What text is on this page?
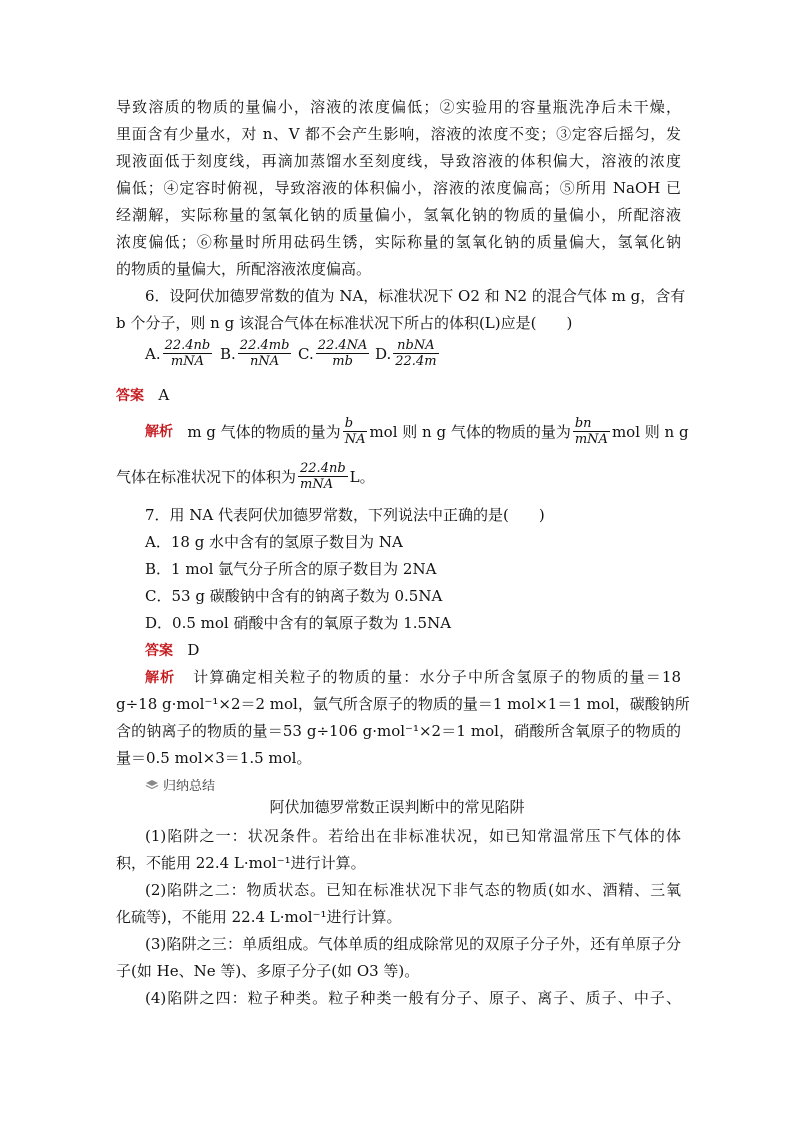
导致溶质的物质的量偏小，溶液的浓度偏低；②实验用的容量瓶洗净后未干燥，
里面含有少量水，对 n、V 都不会产生影响，溶液的浓度不变；③定容后摇匀，发
现液面低于刻度线，再滴加蒸馏水至刻度线，导致溶液的体积偏大，溶液的浓度
偏低；④定容时俯视，导致溶液的体积偏小，溶液的浓度偏高；⑤所用 NaOH 已
经潮解，实际称量的氢氧化钠的质量偏小，氢氧化钠的物质的量偏小，所配溶液
浓度偏低；⑥称量时所用砝码生锈，实际称量的氢氧化钠的质量偏大，氢氧化钠
的物质的量偏大，所配溶液浓度偏高。
6．设阿伏加德罗常数的值为 NA，标准状况下 O2 和 N2 的混合气体 m g，含有
b 个分子，则 n g 该混合气体在标准状况下所占的体积(L)应是(　　)
A. $\frac{22.4nb}{\text{mNA}} B$. $\frac{22.4mb}{\text{nNA}} C$. $\frac{22.4NA}{mb} D$. $\frac{\text{nbNA}}{22.4m}$
答案 A
解析
m g 气体的物质的量为 $\frac{b}{NA}$ mol 则 n g 气体的物质的量为 $\frac{bn}{\text{mNA}}$ mol 则 n g
气体在标准状况下的体积为 $\frac{22.4nb}{\text{mNA}}$ L。
7．用 NA 代表阿伏加德罗常数，下列说法中正确的是(　　)
A．18 g 水中含有的氢原子数目为 NA
B．1 mol 氩气分子所含的原子数目为 2NA
C．53 g 碳酸钠中含有的钠离子数为 0.5NA
D．0.5 mol 硝酸中含有的氧原子数为 1.5NA
答案 D
解析 计算确定相关粒子的物质的量：水分子中所含氢原子的物质的量＝18
g÷18 g·mol⁻¹×2＝2 mol，氩气所含原子的物质的量＝1 mol×1＝1 mol，碳酸钠所
含的钠离子的物质的量＝53 g÷106 g·mol⁻¹×2＝1 mol，硝酸所含氧原子的物质的
量＝0.5 mol×3＝1.5 mol。
归纳总结
阿伏加德罗常数正误判断中的常见陷阱
(1)陷阱之一：状况条件。若给出在非标准状况，如已知常温常压下气体的体
积，不能用 22.4 L·mol⁻¹进行计算。
(2)陷阱之二：物质状态。已知在标准状况下非气态的物质(如水、酒精、三氧
化硫等)，不能用 22.4 L·mol⁻¹进行计算。
(3)陷阱之三：单质组成。气体单质的组成除常见的双原子分子外，还有单原子分
子(如 He、Ne 等)、多原子分子(如 O3 等)。
(4)陷阱之四：粒子种类。粒子种类一般有分子、原子、离子、质子、中子、
